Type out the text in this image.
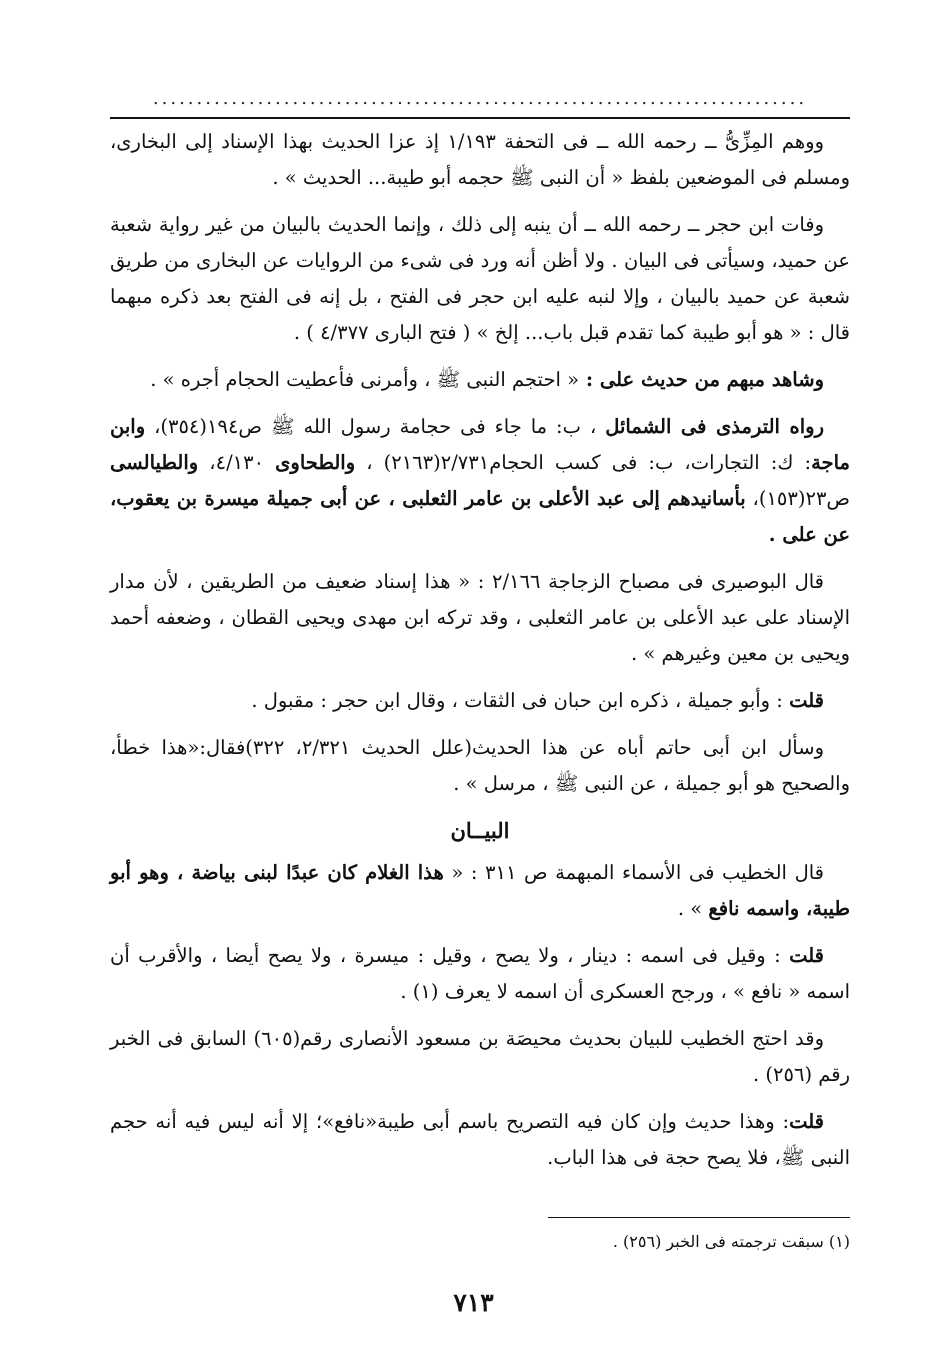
...........................................................................

ووهم المِزِّىُّ ــ رحمه الله ــ فى التحفة ١/١٩٣ إذ عزا الحديث بهذا الإسناد إلى البخارى، ومسلم فى الموضعين بلفظ « أن النبى ﷺ حجمه أبو طيبة... الحديث » .

وفات ابن حجر ــ رحمه الله ــ أن ينبه إلى ذلك ، وإنما الحديث بالبيان من غير رواية شعبة عن حميد، وسيأتى فى البيان . ولا أظن أنه ورد فى شىء من الروايات عن البخارى من طريق شعبة عن حميد بالبيان ، وإلا لنبه عليه ابن حجر فى الفتح ، بل إنه فى الفتح بعد ذكره مبهما قال : « هو أبو طيبة كما تقدم قبل باب... إلخ » ( فتح البارى ٤/٣٧٧ ) .

وشاهد مبهم من حديث على : « احتجم النبى ﷺ ، وأمرنى فأعطيت الحجام أجره » .

رواه الترمذى فى الشمائل ، ب: ما جاء فى حجامة رسول الله ﷺ ص١٩٤(٣٥٤)، وابن ماجة: ك: التجارات، ب: فى كسب الحجام٢/٧٣١(٢١٦٣) ، والطحاوى ٤/١٣٠، والطيالسى ص٢٣(١٥٣)، بأسانيدهم إلى عبد الأعلى بن عامر الثعلبى ، عن أبى جميلة ميسرة بن يعقوب، عن على .

قال البوصيرى فى مصباح الزجاجة ٢/١٦٦ : « هذا إسناد ضعيف من الطريقين ، لأن مدار الإسناد على عبد الأعلى بن عامر الثعلبى ، وقد تركه ابن مهدى ويحيى القطان ، وضعفه أحمد ويحيى بن معين وغيرهم » .

قلت : وأبو جميلة ، ذكره ابن حبان فى الثقات ، وقال ابن حجر : مقبول .

وسأل ابن أبى حاتم أباه عن هذا الحديث(علل الحديث ٢/٣٢١، ٣٢٢)فقال:«هذا خطأ، والصحيح هو أبو جميلة ، عن النبى ﷺ ، مرسل » .

البيــان

قال الخطيب فى الأسماء المبهمة ص ٣١١ : « هذا الغلام كان عبدًا لبنى بياضة ، وهو أبو طيبة، واسمه نافع » .

قلت : وقيل فى اسمه : دينار ، ولا يصح ، وقيل : ميسرة ، ولا يصح أيضا ، والأقرب أن اسمه « نافع » ، ورجح العسكرى أن اسمه لا يعرف (١) .

وقد احتج الخطيب للبيان بحديث محيصَة بن مسعود الأنصارى رقم(٦٠٥) السابق فى الخبر رقم (٢٥٦) .

قلت: وهذا حديث وإن كان فيه التصريح باسم أبى طيبة«نافع»؛ إلا أنه ليس فيه أنه حجم النبى ﷺ، فلا يصح حجة فى هذا الباب.

(١) سبقت ترجمته فى الخبر (٢٥٦) .
٧١٣
